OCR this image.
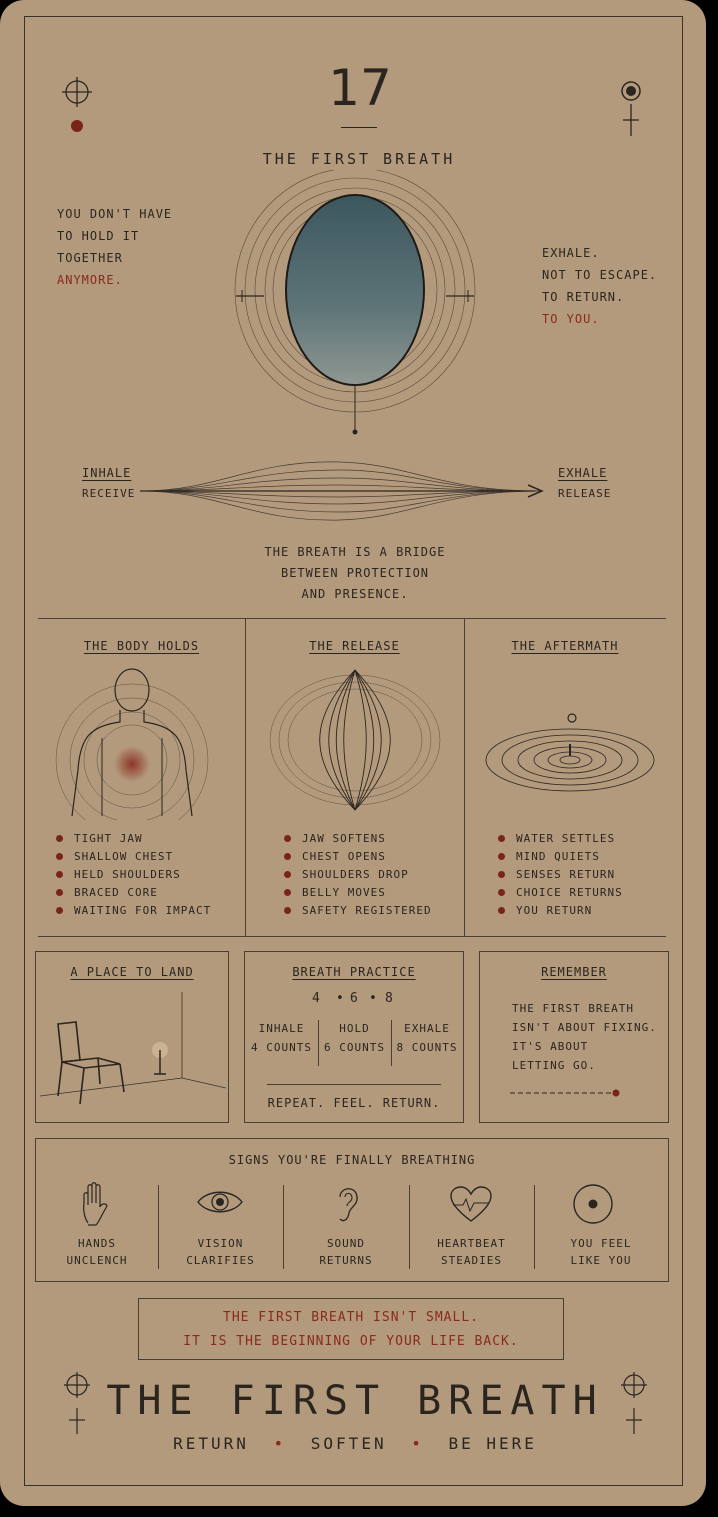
17
THE FIRST BREATH
YOU DON'T HAVE
TO HOLD IT
TOGETHER
ANYMORE.
EXHALE.
NOT TO ESCAPE.
TO RETURN.
TO YOU.
INHALE
RECEIVE
EXHALE
RELEASE
THE BREATH IS A BRIDGE
BETWEEN PROTECTION
AND PRESENCE.
THE BODY HOLDS	THE RELEASE	THE AFTERMATH
TIGHT JAW
SHALLOW CHEST
HELD SHOULDERS
BRACED CORE
WAITING FOR IMPACT
JAW SOFTENS
CHEST OPENS
SHOULDERS DROP
BELLY MOVES
SAFETY REGISTERED
WATER SETTLES
MIND QUIETS
SENSES RETURN
CHOICE RETURNS
YOU RETURN
A PLACE TO LAND	BREATH PRACTICE
4 • 6 • 8
INHALE
4 COUNTS
HOLD
6 COUNTS
EXHALE
8 COUNTS
REPEAT. FEEL. RETURN.
REMEMBER
THE FIRST BREATH
ISN'T ABOUT FIXING.
IT'S ABOUT
LETTING GO.
SIGNS YOU'RE FINALLY BREATHING
HANDS
UNCLENCH
VISION
CLARIFIES
SOUND
RETURNS
HEARTBEAT
STEADIES
YOU FEEL
LIKE YOU
THE FIRST BREATH ISN'T SMALL.
IT IS THE BEGINNING OF YOUR LIFE BACK.
THE FIRST BREATH
RETURN • SOFTEN • BE HERE
